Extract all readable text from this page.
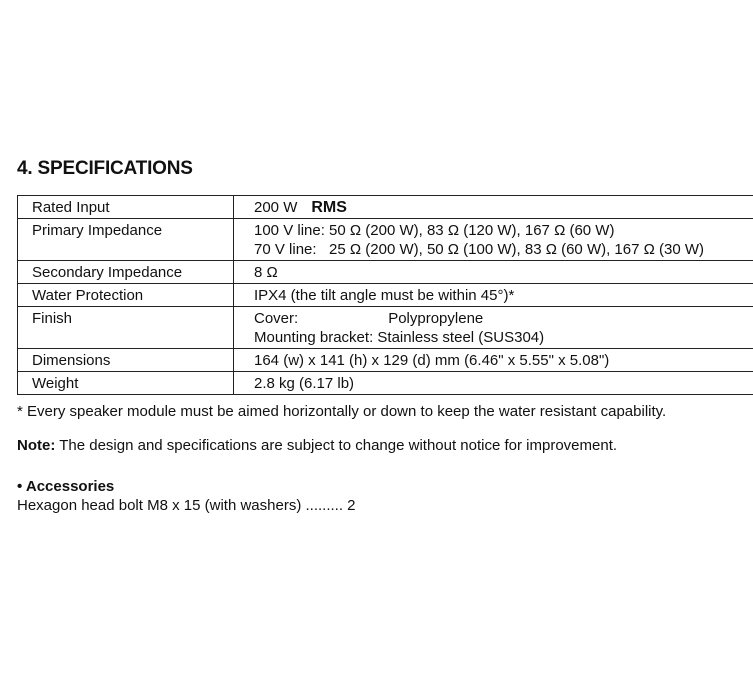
4. SPECIFICATIONS
Rated Input	200 W RMS
Primary Impedance	100 V line: 50 Ω (200 W), 83 Ω (120 W), 167 Ω (60 W)
70 V line:   25 Ω (200 W), 50 Ω (100 W), 83 Ω (60 W), 167 Ω (30 W)

Secondary Impedance	8 Ω
Water Protection	IPX4 (the tilt angle must be within 45°)*
Finish	Cover: Polypropylene
Mounting bracket: Stainless steel (SUS304)

Dimensions	164 (w) x 141 (h) x 129 (d) mm (6.46" x 5.55" x 5.08")
Weight	2.8 kg (6.17 lb)
* Every speaker module must be aimed horizontally or down to keep the water resistant capability.
Note: The design and specifications are subject to change without notice for improvement.
• Accessories
Hexagon head bolt M8 x 15 (with washers) ......... 2
